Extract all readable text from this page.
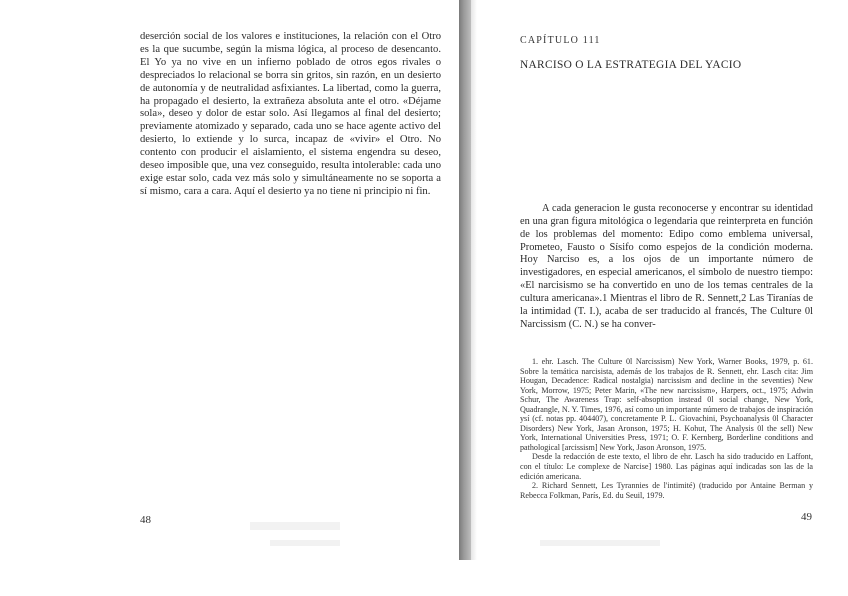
deserción social de los valores e instituciones, la relación con el Otro es la que sucumbe, según la misma lógica, al proceso de desencanto. El Yo ya no vive en un infierno poblado de otros egos rivales o despreciados lo relacional se borra sin gritos, sin razón, en un desierto de autonomía y de neutralidad asfixiantes. La libertad, como la guerra, ha propagado el desierto, la extrañeza absoluta ante el otro. «Déjame sola», deseo y dolor de estar solo. Así llegamos al final del desierto; previamente atomizado y separado, cada uno se hace agente activo del desierto, lo extiende y lo surca, incapaz de «vivir» el Otro. No contento con producir el aislamiento, el sistema engendra su deseo, deseo imposible que, una vez conseguido, resulta intolerable: cada uno exige estar solo, cada vez más solo y simultáneamente no se soporta a sí mismo, cara a cara. Aquí el desierto ya no tiene ni principio ni fin.

48
CAPÍTULO 111
NARCISO O LA ESTRATEGIA DEL YACIO

A cada generacion le gusta reconocerse y encontrar su identidad en una gran figura mitológica o legendaria que reinterpreta en función de los problemas del momento: Edipo como emblema universal, Prometeo, Fausto o Sísifo como espejos de la condición moderna. Hoy Narciso es, a los ojos de un importante número de investigadores, en especial americanos, el símbolo de nuestro tiempo: «El narcisismo se ha convertido en uno de los temas centrales de la cultura americana».1 Mientras el libro de R. Sennett,2 Las Tiranías de la intimidad (T. I.), acaba de ser traducido al francés, The Culture 0l Narcissism (C. N.) se ha conver-

1. ehr. Lasch. The Culture 0l Narcissism) New York, Warner Books, 1979, p. 61. Sobre la temática narcisista, además de los trabajos de R. Sennett, ehr. Lasch cita: Jim Hougan, Decadence: Radical nostalgia) narcissism and decline in the seventies) New York, Morrow, 1975; Peter Marin, «The new narcissism», Harpers, oct., 1975; Adwin Schur, The Awareness Trap: self-absoption instead 0l social change, New York, Quadrangle, N. Y. Times, 1976, así como un importante número de trabajos de inspiración ysí (cf. notas pp. 404407), concretamente P. L. Giovachini, Psychoanalysis 0l Character Disorders) New York, Jasan Aronson, 1975; H. Kohut, The Analysis 0l the sell) New York, International Universities Press, 1971; O. F. Kernberg, Borderline conditions and pathological [arcissism] New York, Jason Aronson, 1975.

Desde la redacción de este texto, el libro de ehr. Lasch ha sido traducido en Laffont, con el título: Le complexe de Narcise] 1980. Las páginas aquí indicadas son las de la edición americana.

2. Richard Sennett, Les Tyrannies de l'intimité) (traducido por Antaine Berman y Rebecca Folkman, París, Ed. du Seuil, 1979.

49
